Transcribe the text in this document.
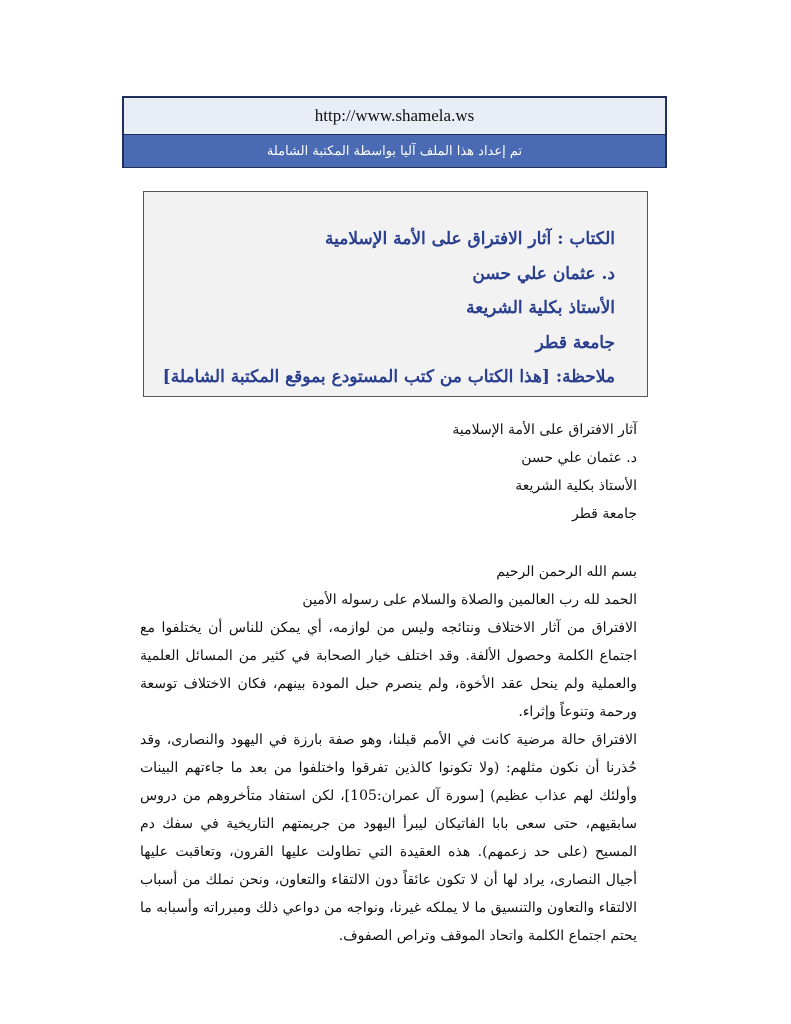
http://www.shamela.ws
تم إعداد هذا الملف آليا بواسطة المكتبة الشاملة
الكتاب : آثار الافتراق على الأمة الإسلامية
د. عثمان علي حسن
الأستاذ بكلية الشريعة
جامعة قطر
ملاحظة: [هذا الكتاب من كتب المستودع بموقع المكتبة الشاملة]

آثار الافتراق على الأمة الإسلامية

د. عثمان علي حسن

الأستاذ بكلية الشريعة

جامعة قطر

بسم الله الرحمن الرحيم

الحمد لله رب العالمين والصلاة والسلام على رسوله الأمين

الافتراق من آثار الاختلاف ونتائجه وليس من لوازمه، أي يمكن للناس أن يختلفوا مع اجتماع الكلمة وحصول الألفة. وقد اختلف خيار الصحابة في كثير من المسائل العلمية والعملية ولم ينحل عقد الأخوة، ولم ينصرم حبل المودة بينهم، فكان الاختلاف توسعة ورحمة وتنوعاً وإثراء.

الافتراق حالة مرضية كانت في الأمم قبلنا، وهو صفة بارزة في اليهود والنصارى، وقد حُذرنا أن نكون مثلهم: (ولا تكونوا كالذين تفرقوا واختلفوا من بعد ما جاءتهم البينات وأولئك لهم عذاب عظيم) [سورة آل عمران:105]، لكن استفاد متأخروهم من دروس سابقيهم، حتى سعى بابا الفاتيكان ليبرأ اليهود من جريمتهم التاريخية في سفك دم المسيح (على حد زعمهم). هذه العقيدة التي تطاولت عليها القرون، وتعاقبت عليها أجيال النصارى، يراد لها أن لا تكون عائقاً دون الالتقاء والتعاون، ونحن نملك من أسباب الالتقاء والتعاون والتنسيق ما لا يملكه غيرنا، ونواجه من دواعي ذلك ومبرراته وأسبابه ما يحتم اجتماع الكلمة واتحاد الموقف وتراص الصفوف.
